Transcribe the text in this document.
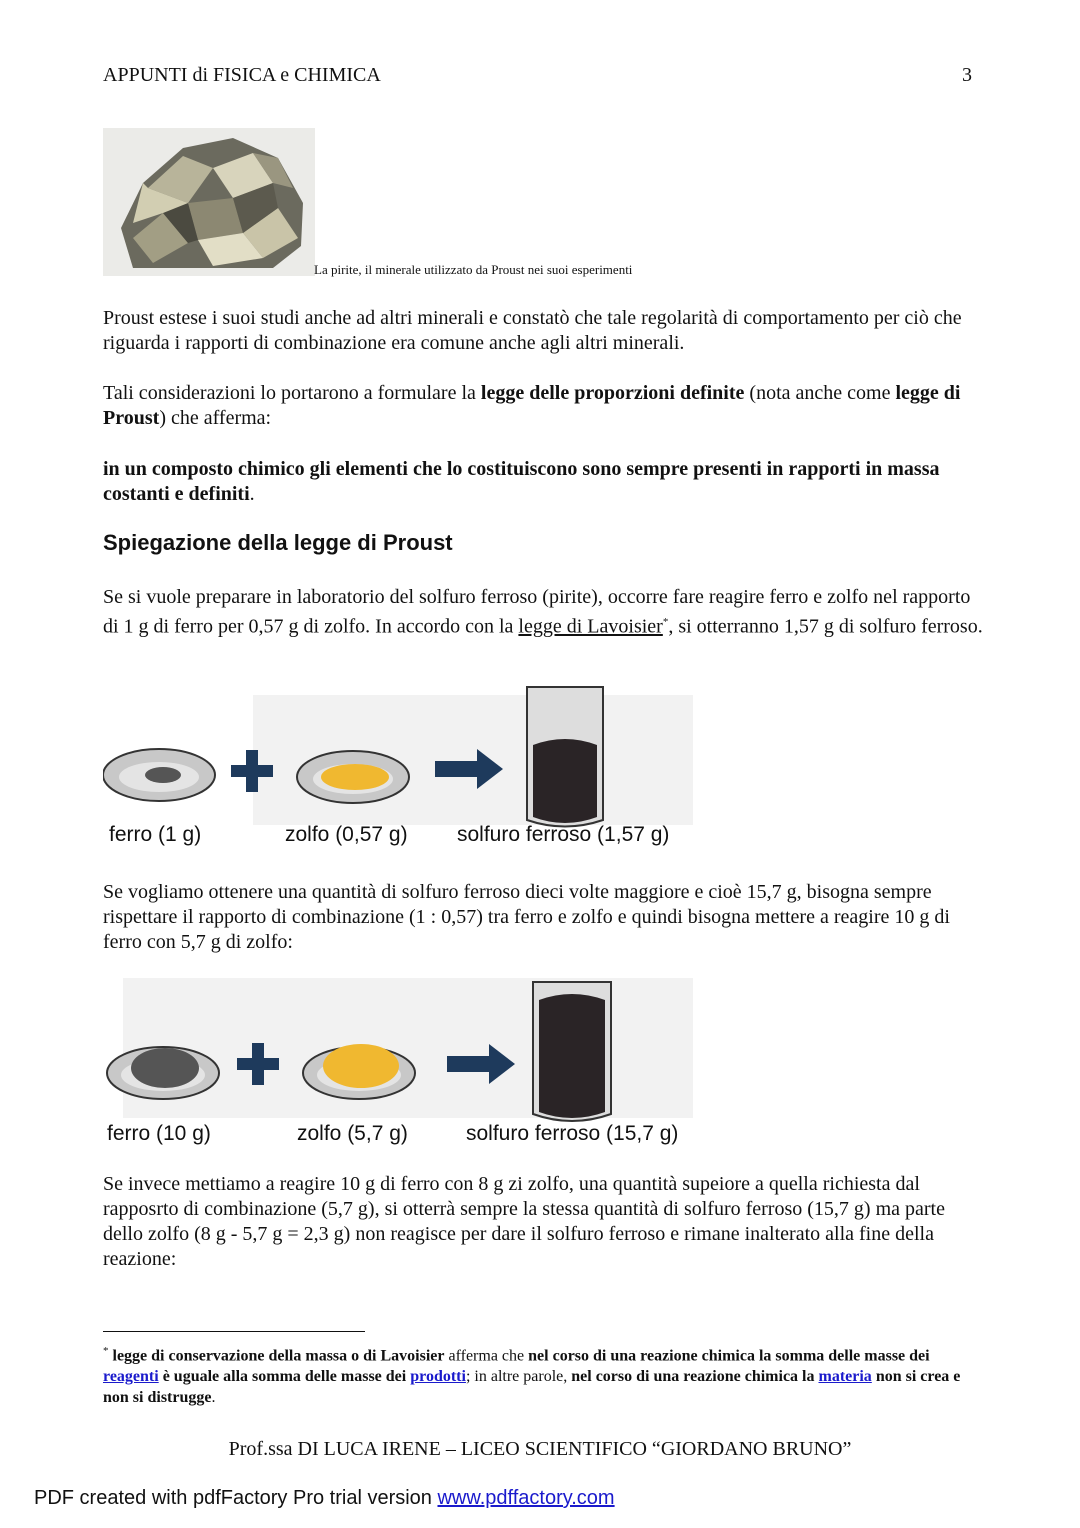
APPUNTI di FISICA e CHIMICA	3
La pirite, il minerale utilizzato da Proust nei suoi esperimenti
Proust estese i suoi studi anche ad altri minerali e constatò che tale regolarità di comportamento per ciò che riguarda i rapporti di combinazione era comune anche agli altri minerali.
Tali considerazioni lo portarono a formulare la legge delle proporzioni definite (nota anche come legge di Proust) che afferma:
in un composto chimico gli elementi che lo costituiscono sono sempre presenti in rapporti in massa costanti e definiti.
Spiegazione della legge di Proust
Se si vuole preparare in laboratorio del solfuro ferroso (pirite), occorre fare reagire ferro e zolfo nel rapporto di 1 g di ferro per 0,57 g di zolfo. In accordo con la legge di Lavoisier*, si otterranno 1,57 g di solfuro ferroso.
ferro (1 g)	zolfo (0,57 g) solfuro ferroso (1,57 g)
Se vogliamo ottenere una quantità di solfuro ferroso dieci volte maggiore e cioè 15,7 g, bisogna sempre rispettare il rapporto di combinazione (1 : 0,57) tra ferro e zolfo e quindi bisogna mettere a reagire 10 g di ferro con 5,7 g di zolfo:
ferro (10 g)	zolfo (5,7 g)	solfuro ferroso (15,7 g)
Se invece mettiamo a reagire 10 g di ferro con 8 g zi zolfo, una quantità supeiore a quella richiesta dal rapposrto di combinazione (5,7 g), si otterrà sempre la stessa quantità di solfuro ferroso (15,7 g) ma parte dello zolfo (8 g - 5,7 g = 2,3 g) non reagisce per dare il solfuro ferroso e rimane inalterato alla fine della reazione:
* legge di conservazione della massa o di Lavoisier afferma che nel corso di una reazione chimica la somma delle masse dei reagenti è uguale alla somma delle masse dei prodotti; in altre parole, nel corso di una reazione chimica la materia non si crea e non si distrugge.
Prof.ssa DI LUCA IRENE – LICEO SCIENTIFICO “GIORDANO BRUNO”
PDF created with pdfFactory Pro trial version www.pdffactory.com
